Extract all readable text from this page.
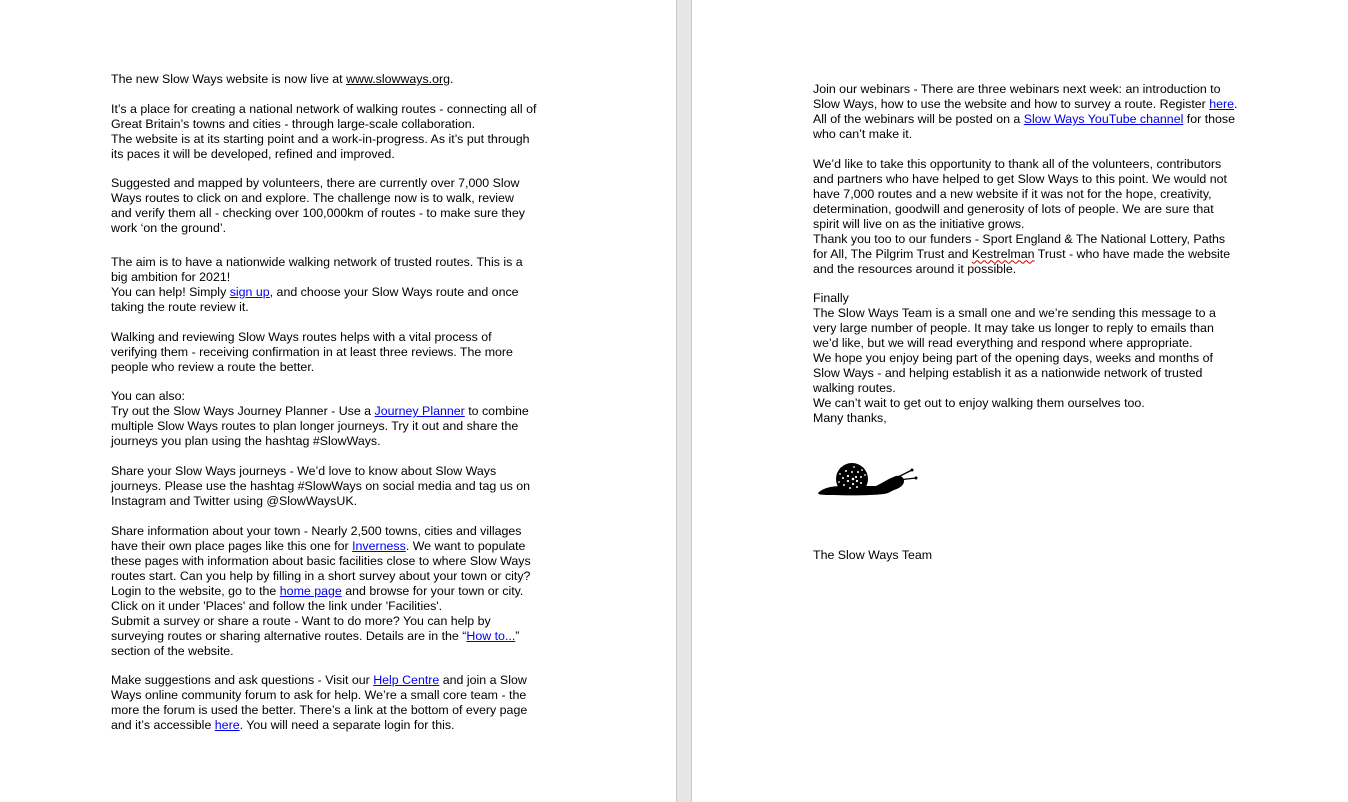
The new Slow Ways website is now live at www.slowways.org.

It’s a place for creating a national network of walking routes - connecting all of

Great Britain’s towns and cities - through large-scale collaboration.

The website is at its starting point and a work-in-progress. As it’s put through

its paces it will be developed, refined and improved.

Suggested and mapped by volunteers, there are currently over 7,000 Slow

Ways routes to click on and explore. The challenge now is to walk, review

and verify them all - checking over 100,000km of routes - to make sure they

work ‘on the ground’.

The aim is to have a nationwide walking network of trusted routes. This is a

big ambition for 2021!

You can help! Simply sign up, and choose your Slow Ways route and once

taking the route review it.

Walking and reviewing Slow Ways routes helps with a vital process of

verifying them - receiving confirmation in at least three reviews. The more

people who review a route the better.

You can also:

Try out the Slow Ways Journey Planner - Use a Journey Planner to combine

multiple Slow Ways routes to plan longer journeys. Try it out and share the

journeys you plan using the hashtag #SlowWays.

Share your Slow Ways journeys - We’d love to know about Slow Ways

journeys. Please use the hashtag #SlowWays on social media and tag us on

Instagram and Twitter using @SlowWaysUK.

Share information about your town - Nearly 2,500 towns, cities and villages

have their own place pages like this one for Inverness. We want to populate

these pages with information about basic facilities close to where Slow Ways

routes start. Can you help by filling in a short survey about your town or city?

Login to the website, go to the home page and browse for your town or city.

Click on it under 'Places' and follow the link under 'Facilities'.

Submit a survey or share a route - Want to do more? You can help by

surveying routes or sharing alternative routes. Details are in the “How to...”

section of the website.

Make suggestions and ask questions - Visit our Help Centre and join a Slow

Ways online community forum to ask for help. We’re a small core team - the

more the forum is used the better. There’s a link at the bottom of every page

and it’s accessible here. You will need a separate login for this.

Join our webinars - There are three webinars next week: an introduction to

Slow Ways, how to use the website and how to survey a route. Register here.

All of the webinars will be posted on a Slow Ways YouTube channel for those

who can’t make it.

We’d like to take this opportunity to thank all of the volunteers, contributors

and partners who have helped to get Slow Ways to this point. We would not

have 7,000 routes and a new website if it was not for the hope, creativity,

determination, goodwill and generosity of lots of people. We are sure that

spirit will live on as the initiative grows.

Thank you too to our funders - Sport England & The National Lottery, Paths

for All, The Pilgrim Trust and Kestrelman Trust - who have made the website

and the resources around it possible.

Finally

The Slow Ways Team is a small one and we’re sending this message to a

very large number of people. It may take us longer to reply to emails than

we’d like, but we will read everything and respond where appropriate.

We hope you enjoy being part of the opening days, weeks and months of

Slow Ways - and helping establish it as a nationwide network of trusted

walking routes.

We can’t wait to get out to enjoy walking them ourselves too.

Many thanks,

The Slow Ways Team
